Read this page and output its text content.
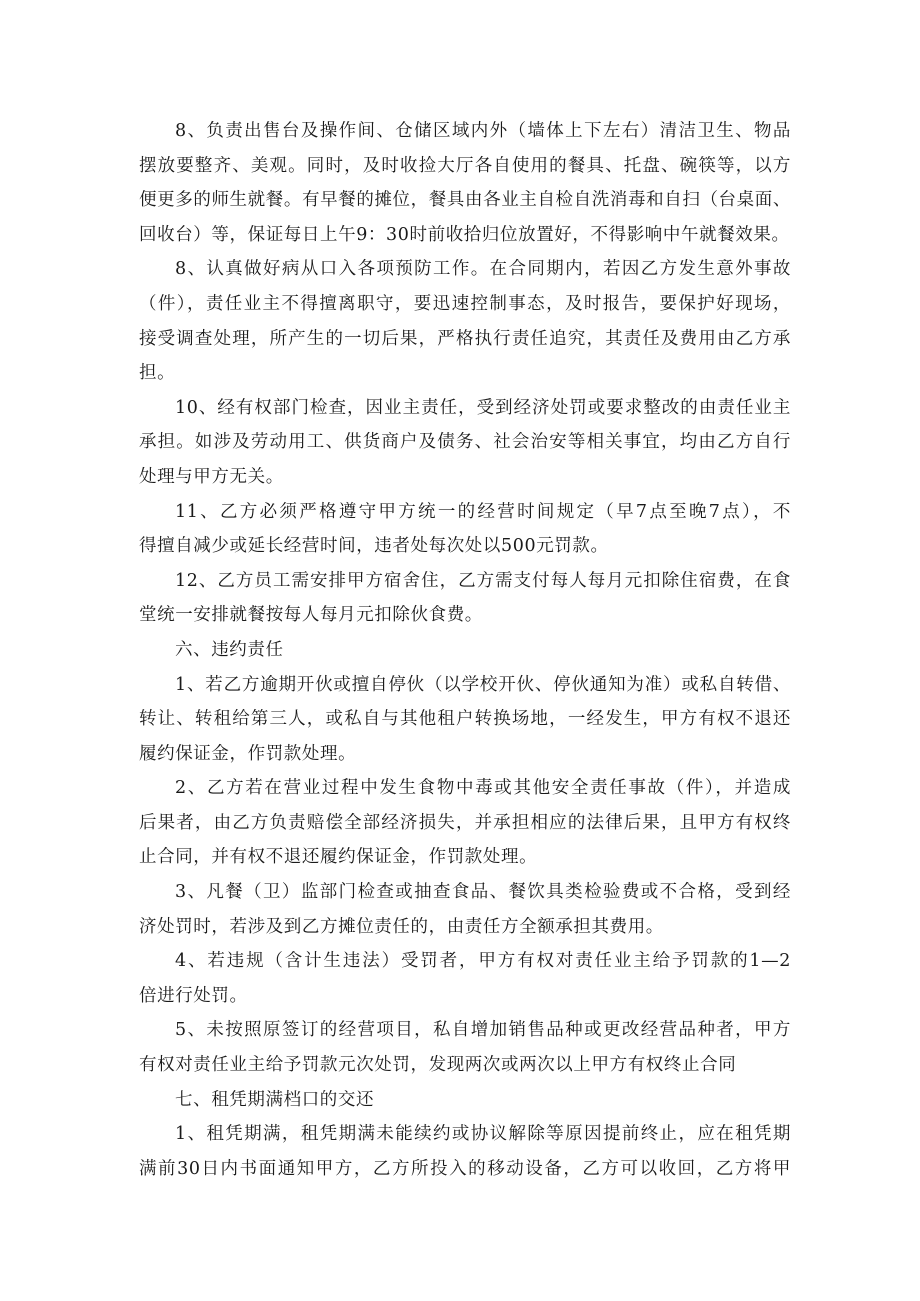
8、负责出售台及操作间、仓储区域内外（墙体上下左右）清洁卫生、物品
摆放要整齐、美观。同时，及时收捡大厅各自使用的餐具、托盘、碗筷等，以方
便更多的师生就餐。有早餐的摊位，餐具由各业主自检自洗消毒和自扫（台桌面、
回收台）等，保证每日上午9：30时前收拾归位放置好，不得影响中午就餐效果。
8、认真做好病从口入各项预防工作。在合同期内，若因乙方发生意外事故
（件），责任业主不得擅离职守，要迅速控制事态，及时报告，要保护好现场，
接受调查处理，所产生的一切后果，严格执行责任追究，其责任及费用由乙方承
担。
10、经有权部门检查，因业主责任，受到经济处罚或要求整改的由责任业主
承担。如涉及劳动用工、供货商户及债务、社会治安等相关事宜，均由乙方自行
处理与甲方无关。
11、乙方必须严格遵守甲方统一的经营时间规定（早7点至晚7点），不
得擅自减少或延长经营时间，违者处每次处以500元罚款。
12、乙方员工需安排甲方宿舍住，乙方需支付每人每月元扣除住宿费，在食
堂统一安排就餐按每人每月元扣除伙食费。
六、违约责任
1、若乙方逾期开伙或擅自停伙（以学校开伙、停伙通知为准）或私自转借、
转让、转租给第三人，或私自与其他租户转换场地，一经发生，甲方有权不退还
履约保证金，作罚款处理。
2、乙方若在营业过程中发生食物中毒或其他安全责任事故（件），并造成
后果者，由乙方负责赔偿全部经济损失，并承担相应的法律后果，且甲方有权终
止合同，并有权不退还履约保证金，作罚款处理。
3、凡餐（卫）监部门检查或抽查食品、餐饮具类检验费或不合格，受到经
济处罚时，若涉及到乙方摊位责任的，由责任方全额承担其费用。
4、若违规（含计生违法）受罚者，甲方有权对责任业主给予罚款的1—2
倍进行处罚。
5、未按照原签订的经营项目，私自增加销售品种或更改经营品种者，甲方
有权对责任业主给予罚款元次处罚，发现两次或两次以上甲方有权终止合同
七、租凭期满档口的交还
1、租凭期满，租凭期满未能续约或协议解除等原因提前终止，应在租凭期
满前30日内书面通知甲方，乙方所投入的移动设备，乙方可以收回，乙方将甲
